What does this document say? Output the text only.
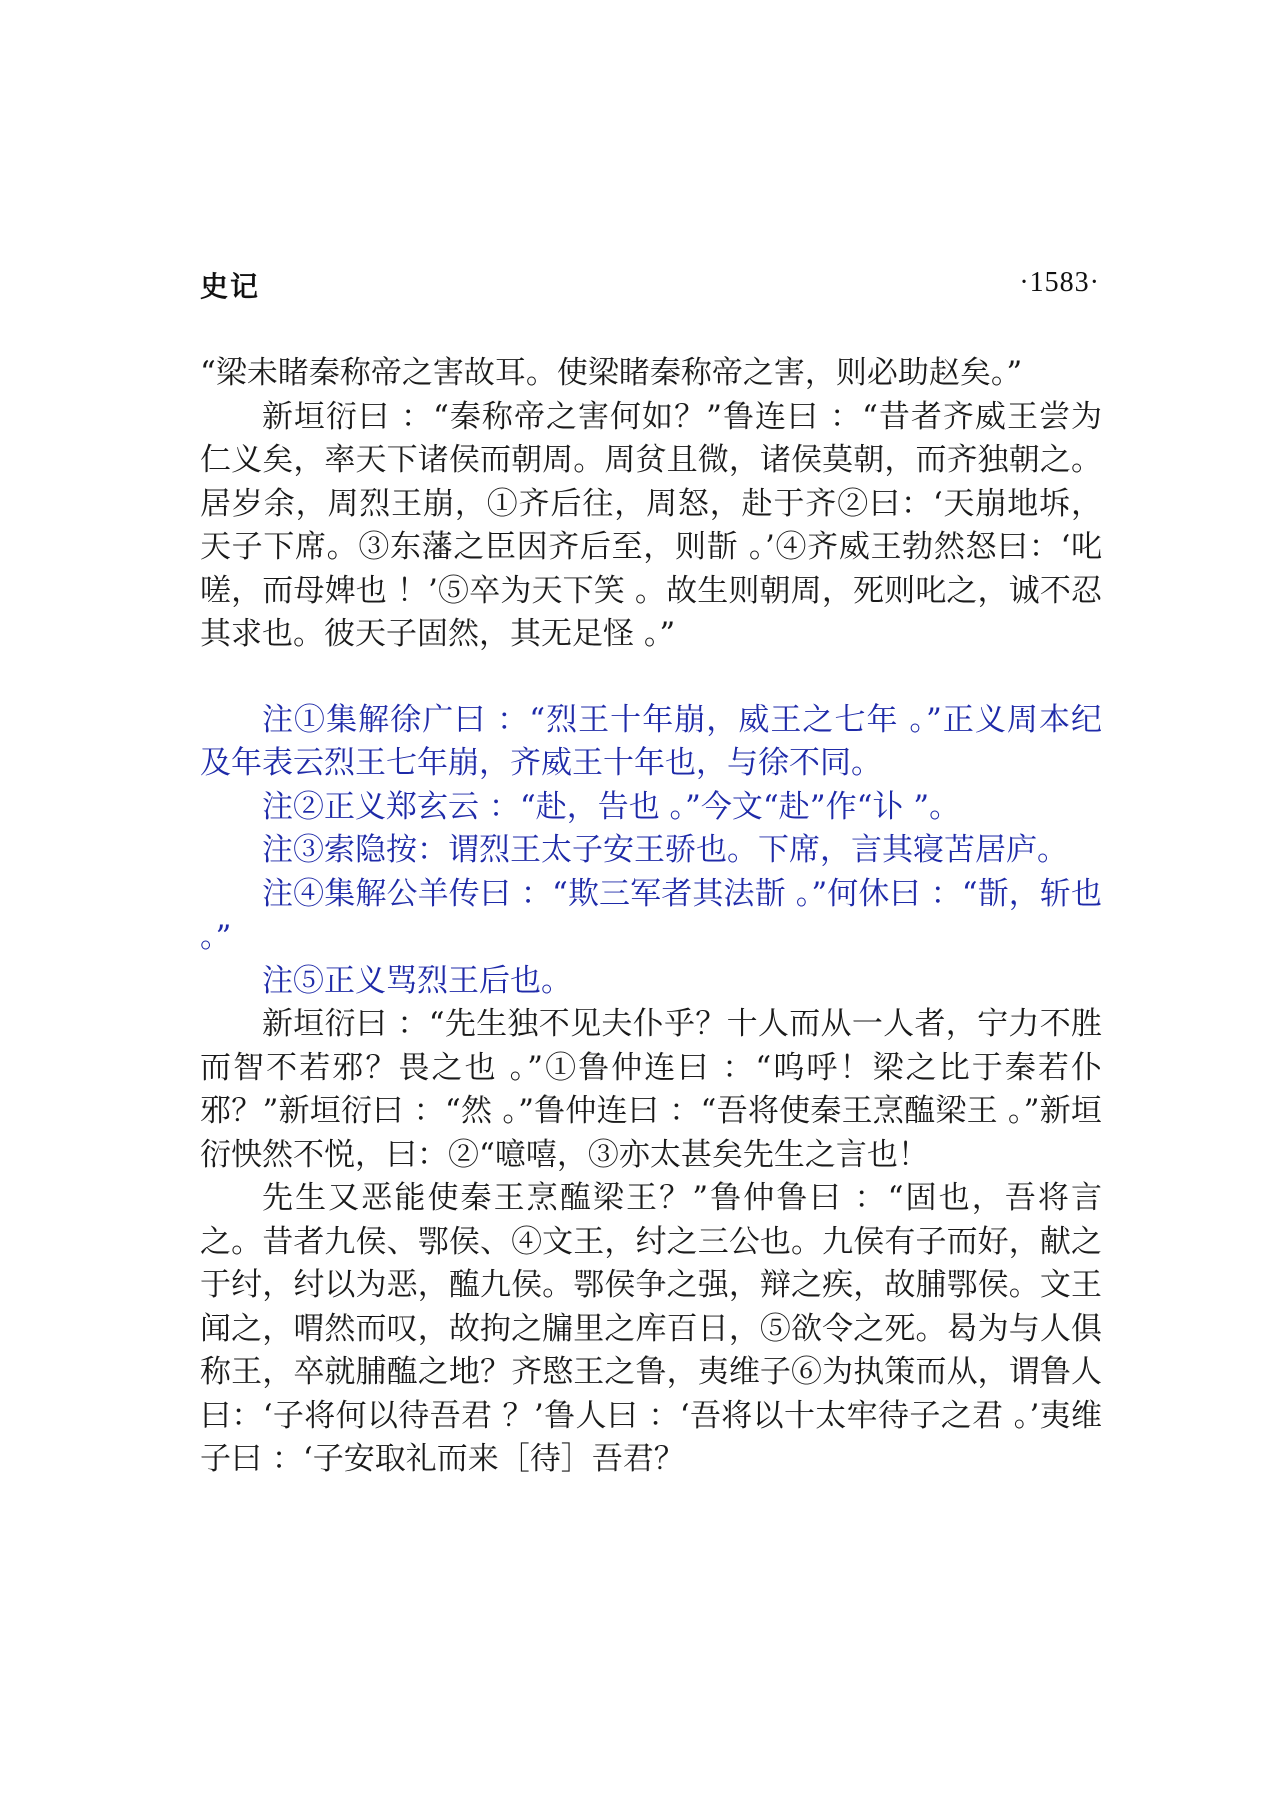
史记	·1583·

“梁未睹秦称帝之害故耳。使梁睹秦称帝之害，则必助赵矣。”

新垣衍曰 ：“秦称帝之害何如？”鲁连曰 ：“昔者齐威王尝为仁义矣，率天下诸侯而朝周。周贫且微，诸侯莫朝，而齐独朝之。居岁余，周烈王崩，①齐后往，周怒，赴于齐②曰：‘天崩地坼，天子下席。③东藩之臣因齐后至，则斮 。’④齐威王勃然怒曰：‘叱嗟，而母婢也 ！’⑤卒为天下笑 。故生则朝周，死则叱之，诚不忍其求也。彼天子固然，其无足怪 。”

注①集解徐广曰 ：“烈王十年崩，威王之七年 。”正义周本纪及年表云烈王七年崩，齐威王十年也，与徐不同。

注②正义郑玄云 ：“赴，告也 。”今文“赴”作“讣 ”。

注③索隐按：谓烈王太子安王骄也。下席，言其寝苫居庐。

注④集解公羊传曰 ：“欺三军者其法斮 。”何休曰 ：“斮，斩也 。”

注⑤正义骂烈王后也。

新垣衍曰 ：“先生独不见夫仆乎？十人而从一人者，宁力不胜而智不若邪？畏之也 。”①鲁仲连曰 ：“呜呼！梁之比于秦若仆邪？”新垣衍曰 ：“然 。”鲁仲连曰 ：“吾将使秦王烹醢梁王 。”新垣衍怏然不悦，曰：②“噫嘻，③亦太甚矣先生之言也！

先生又恶能使秦王烹醢梁王？”鲁仲鲁曰 ：“固也，吾将言之。昔者九侯、鄂侯、④文王，纣之三公也。九侯有子而好，献之于纣，纣以为恶，醢九侯。鄂侯争之强，辩之疾，故脯鄂侯。文王闻之，喟然而叹，故拘之牖里之库百日，⑤欲令之死。曷为与人俱称王，卒就脯醢之地？齐愍王之鲁，夷维子⑥为执策而从，谓鲁人曰：‘子将何以待吾君 ？’鲁人曰 ：‘吾将以十太牢待子之君 。’夷维子曰 ：‘子安取礼而来［待］吾君？
